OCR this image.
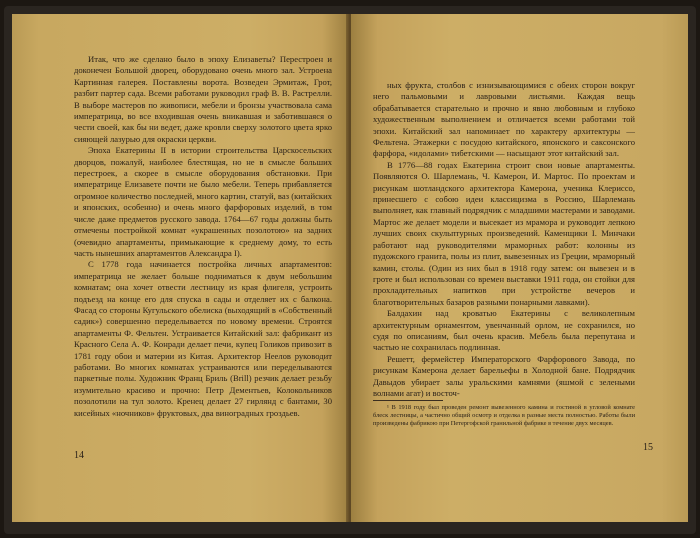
Итак, что же сделано было в эпоху Елизаветы? Перестроен и доконечен Большой дворец, оборудовано очень много зал. Устроена Картинная галерея. Поставлены ворота. Возведен Эрмитаж, Грот, разбит партер сада. Всеми работами руководил граф В. В. Растрелли. В выборе мастеров по живописи, мебели и бронзы участвовала сама императрица, во все входившая очень вникавшая и заботившаяся о чести своей, как бы ни ведет, даже кровли сверху золотого цвета ярко сияющей лазурью для окраски церкви.

Эпоха Екатерины II в истории строительства Царскосельских дворцов, пожалуй, наиболее блестящая, но не в смысле больших перестроек, а скорее в смысле оборудования обстановки. При императрице Елизавете почти не было мебели. Теперь прибавляется огромное количество последней, много картин, статуй, ваз (китайских и японских, особенно) и очень много фарфоровых изделий, в том числе даже предметов русского завода. 1764—67 годы должны быть отмечены постройкой комнат «украшенных позолотою» на задних (очевидно апартаменты, примыкающие к среднему дому, то есть часть нынешних апартаментов Александра I).

С 1778 года начинается постройка личных апартаментов: императрица не желает больше подниматься к двум небольшим комнатам; она хочет отвести лестницу из края флигеля, устроить подъезд на конце его для спуска в сады и отделяет их с балкона. Фасад со стороны Кугульского обелиска (выходящий в «Собственный садик») совершенно переделывается по новому времени. Строятся апартаменты Ф. Фельтен. Устраивается Китайский зал: фабрикант из Красного Села А. Ф. Конради делает печи, купец Голиков привозит в 1781 году обои и материи из Китая. Архитектор Неелов руководит работами. Во многих комнатах устраиваются или переделываются паркетные полы. Художник Франц Бриль (Brill) резчик делает резьбу изумительно красиво и прочно: Петр Дементьев, Колокольников позолотили на тул золото. Кренец делает 27 гирлянд с бантами, 30 кисейных «ночников» фруктовых, два виноградных гроздьев.

14

ных фрукта, столбов с изнизывающимися с обеих сторон вокруг него пальмовыми и лавровыми листьями. Каждая вещь обрабатывается старательно и прочно и явно любовным и глубоко художественным выполнением и отличается всеми работами той эпохи. Китайский зал напоминает по характеру архитектуры — Фельтена. Этажерки с посудою китайского, японского и саксонского фарфора, «идолами» тибетскими — насыщают этот китайский зал.

В 1776—88 годах Екатерина строит свои новые апартаменты. Появляются О. Шарлемань, Ч. Камерон, И. Мартос. По проектам и рисункам шотландского архитектора Камерона, ученика Клериссо, принесшего с собою идеи классицизма в Россию, Шарлемань выполняет, как главный подрядчик с младшими мастерами и заводами. Мартос же делает модели и высекает из мрамора и руководит лепкою лучших своих скульптурных произведений. Каменщики I. Минчаки работают над руководителями мраморных работ: колонны из пудожского гранита, полы из плит, вывезенных из Греции, мраморный камин, столы. (Один из них был в 1918 году затем: он вывезен и в гроте и был использован со времен выставки 1911 года, он стойки для прохладительных напитков при устройстве вечеров и благотворительных базаров разными понарными лавками).

Балдахин над кроватью Екатерины с великолепным архитектурным орнаментом, увенчанный орлом, не сохранился, но судя по описаниям, был очень красив. Мебель была перепутана и частью не сохранилась подлинная.

Решетт, фермейстер Императорского Фарфорового Завода, по рисункам Камерона делает барельефы в Холодной бане. Подрядчик Давыдов убирает залы уральскими камнями (яшмой с зелеными волнами агат) и восточ-

¹ В 1918 году был проведен ремонт вывезенного камина и гостиной в угловой комнате блеск лестницы, а частично общий осмотр и отделка в разные места полностью. Работы были произведены фабрикою при Петергофской гранильной фабрике в течение двух месяцев.
15
